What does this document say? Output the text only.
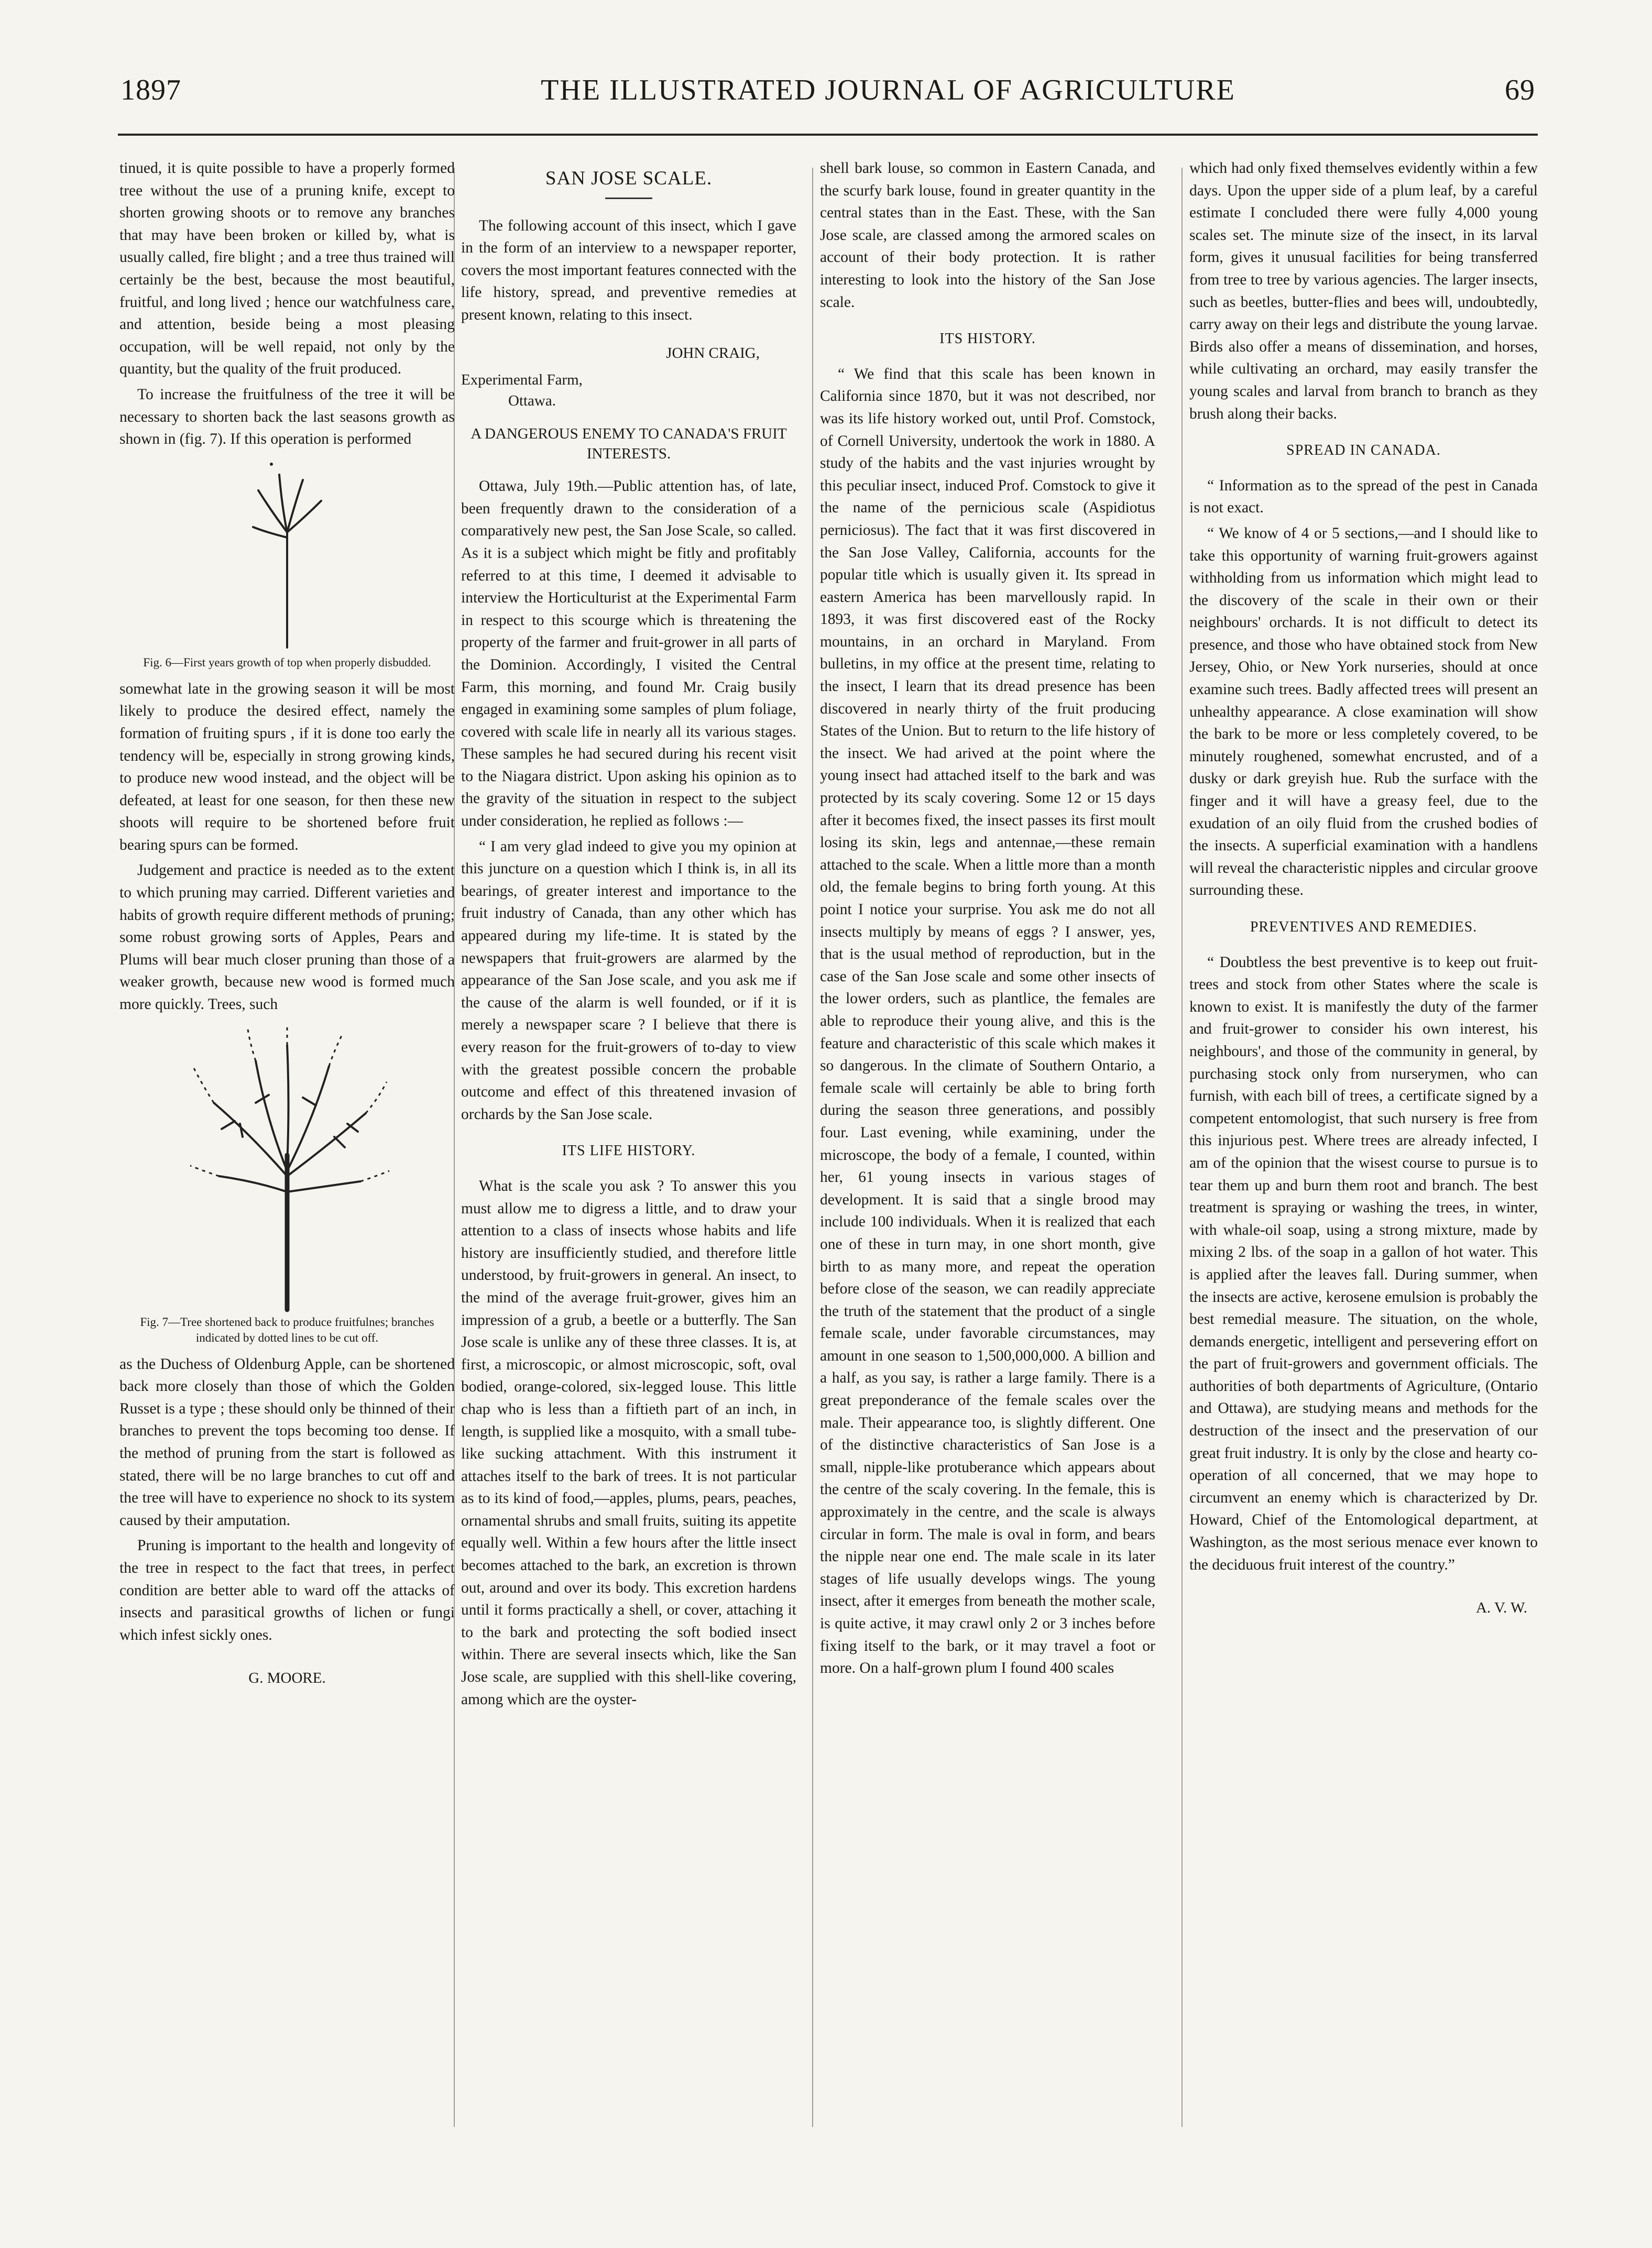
1897	THE ILLUSTRATED JOURNAL OF AGRICULTURE	69

tinued, it is quite possible to have a properly formed tree without the use of a pruning knife, except to shorten growing shoots or to remove any branches that may have been broken or killed by, what is usually called, fire blight ; and a tree thus trained will certainly be the best, because the most beautiful, fruitful, and long lived ; hence our watchfulness care, and attention, beside being a most pleasing occupation, will be well repaid, not only by the quantity, but the quality of the fruit produced.

To increase the fruitfulness of the tree it will be necessary to shorten back the last seasons growth as shown in (fig. 7). If this operation is performed

Fig. 6—First years growth of top when properly disbudded.

somewhat late in the growing season it will be most likely to produce the desired effect, namely the formation of fruiting spurs , if it is done too early the tendency will be, especially in strong growing kinds, to produce new wood instead, and the object will be defeated, at least for one season, for then these new shoots will require to be shortened before fruit bearing spurs can be formed.

Judgement and practice is needed as to the extent to which pruning may carried. Different varieties and habits of growth require different methods of pruning; some robust growing sorts of Apples, Pears and Plums will bear much closer pruning than those of a weaker growth, because new wood is formed much more quickly. Trees, such

Fig. 7—Tree shortened back to produce fruitfulnes; branches indicated by dotted lines to be cut off.

as the Duchess of Oldenburg Apple, can be shortened back more closely than those of which the Golden Russet is a type ; these should only be thinned of their branches to prevent the tops becoming too dense. If the method of pruning from the start is followed as stated, there will be no large branches to cut off and the tree will have to experience no shock to its system caused by their amputation.

Pruning is important to the health and longevity of the tree in respect to the fact that trees, in perfect condition are better able to ward off the attacks of insects and parasitical growths of lichen or fungi which infest sickly ones.

G. MOORE.
SAN JOSE SCALE.

The following account of this insect, which I gave in the form of an interview to a newspaper reporter, covers the most important features connected with the life history, spread, and preventive remedies at present known, relating to this insect.

JOHN CRAIG,
Experimental Farm,
Ottawa.
A DANGEROUS ENEMY TO CANADA'S FRUIT INTERESTS.

Ottawa, July 19th.—Public attention has, of late, been frequently drawn to the consideration of a comparatively new pest, the San Jose Scale, so called. As it is a subject which might be fitly and profitably referred to at this time, I deemed it advisable to interview the Horticulturist at the Experimental Farm in respect to this scourge which is threatening the property of the farmer and fruit-grower in all parts of the Dominion. Accordingly, I visited the Central Farm, this morning, and found Mr. Craig busily engaged in examining some samples of plum foliage, covered with scale life in nearly all its various stages. These samples he had secured during his recent visit to the Niagara district. Upon asking his opinion as to the gravity of the situation in respect to the subject under consideration, he replied as follows :—

“ I am very glad indeed to give you my opinion at this juncture on a question which I think is, in all its bearings, of greater interest and importance to the fruit industry of Canada, than any other which has appeared during my life-time. It is stated by the newspapers that fruit-growers are alarmed by the appearance of the San Jose scale, and you ask me if the cause of the alarm is well founded, or if it is merely a newspaper scare ? I believe that there is every reason for the fruit-growers of to-day to view with the greatest possible concern the probable outcome and effect of this threatened invasion of orchards by the San Jose scale.

ITS LIFE HISTORY.

What is the scale you ask ? To answer this you must allow me to digress a little, and to draw your attention to a class of insects whose habits and life history are insufficiently studied, and therefore little understood, by fruit-growers in general. An insect, to the mind of the average fruit-grower, gives him an impression of a grub, a beetle or a butterfly. The San Jose scale is unlike any of these three classes. It is, at first, a microscopic, or almost microscopic, soft, oval bodied, orange-colored, six-legged louse. This little chap who is less than a fiftieth part of an inch, in length, is supplied like a mosquito, with a small tube-like sucking attachment. With this instrument it attaches itself to the bark of trees. It is not particular as to its kind of food,—apples, plums, pears, peaches, ornamental shrubs and small fruits, suiting its appetite equally well. Within a few hours after the little insect becomes attached to the bark, an excretion is thrown out, around and over its body. This excretion hardens until it forms practically a shell, or cover, attaching it to the bark and protecting the soft bodied insect within. There are several insects which, like the San Jose scale, are supplied with this shell-like covering, among which are the oyster-

shell bark louse, so common in Eastern Canada, and the scurfy bark louse, found in greater quantity in the central states than in the East. These, with the San Jose scale, are classed among the armored scales on account of their body protection. It is rather interesting to look into the history of the San Jose scale.

ITS HISTORY.

“ We find that this scale has been known in California since 1870, but it was not described, nor was its life history worked out, until Prof. Comstock, of Cornell University, undertook the work in 1880. A study of the habits and the vast injuries wrought by this peculiar insect, induced Prof. Comstock to give it the name of the pernicious scale (Aspidiotus perniciosus). The fact that it was first discovered in the San Jose Valley, California, accounts for the popular title which is usually given it. Its spread in eastern America has been marvellously rapid. In 1893, it was first discovered east of the Rocky mountains, in an orchard in Maryland. From bulletins, in my office at the present time, relating to the insect, I learn that its dread presence has been discovered in nearly thirty of the fruit producing States of the Union. But to return to the life history of the insect. We had arived at the point where the young insect had attached itself to the bark and was protected by its scaly covering. Some 12 or 15 days after it becomes fixed, the insect passes its first moult losing its skin, legs and antennae,—these remain attached to the scale. When a little more than a month old, the female begins to bring forth young. At this point I notice your surprise. You ask me do not all insects multiply by means of eggs ? I answer, yes, that is the usual method of reproduction, but in the case of the San Jose scale and some other insects of the lower orders, such as plantlice, the females are able to reproduce their young alive, and this is the feature and characteristic of this scale which makes it so dangerous. In the climate of Southern Ontario, a female scale will certainly be able to bring forth during the season three generations, and possibly four. Last evening, while examining, under the microscope, the body of a female, I counted, within her, 61 young insects in various stages of development. It is said that a single brood may include 100 individuals. When it is realized that each one of these in turn may, in one short month, give birth to as many more, and repeat the operation before close of the season, we can readily appreciate the truth of the statement that the product of a single female scale, under favorable circumstances, may amount in one season to 1,500,000,000. A billion and a half, as you say, is rather a large family. There is a great preponderance of the female scales over the male. Their appearance too, is slightly different. One of the distinctive characteristics of San Jose is a small, nipple-like protuberance which appears about the centre of the scaly covering. In the female, this is approximately in the centre, and the scale is always circular in form. The male is oval in form, and bears the nipple near one end. The male scale in its later stages of life usually develops wings. The young insect, after it emerges from beneath the mother scale, is quite active, it may crawl only 2 or 3 inches before fixing itself to the bark, or it may travel a foot or more. On a half-grown plum I found 400 scales

which had only fixed themselves evidently within a few days. Upon the upper side of a plum leaf, by a careful estimate I concluded there were fully 4,000 young scales set. The minute size of the insect, in its larval form, gives it unusual facilities for being transferred from tree to tree by various agencies. The larger insects, such as beetles, butter-flies and bees will, undoubtedly, carry away on their legs and distribute the young larvae. Birds also offer a means of dissemination, and horses, while cultivating an orchard, may easily transfer the young scales and larval from branch to branch as they brush along their backs.

SPREAD IN CANADA.

“ Information as to the spread of the pest in Canada is not exact.

“ We know of 4 or 5 sections,—and I should like to take this opportunity of warning fruit-growers against withholding from us information which might lead to the discovery of the scale in their own or their neighbours' orchards. It is not difficult to detect its presence, and those who have obtained stock from New Jersey, Ohio, or New York nurseries, should at once examine such trees. Badly affected trees will present an unhealthy appearance. A close examination will show the bark to be more or less completely covered, to be minutely roughened, somewhat encrusted, and of a dusky or dark greyish hue. Rub the surface with the finger and it will have a greasy feel, due to the exudation of an oily fluid from the crushed bodies of the insects. A superficial examination with a handlens will reveal the characteristic nipples and circular groove surrounding these.

PREVENTIVES AND REMEDIES.

“ Doubtless the best preventive is to keep out fruit-trees and stock from other States where the scale is known to exist. It is manifestly the duty of the farmer and fruit-grower to consider his own interest, his neighbours', and those of the community in general, by purchasing stock only from nurserymen, who can furnish, with each bill of trees, a certificate signed by a competent entomologist, that such nursery is free from this injurious pest. Where trees are already infected, I am of the opinion that the wisest course to pursue is to tear them up and burn them root and branch. The best treatment is spraying or washing the trees, in winter, with whale-oil soap, using a strong mixture, made by mixing 2 lbs. of the soap in a gallon of hot water. This is applied after the leaves fall. During summer, when the insects are active, kerosene emulsion is probably the best remedial measure. The situation, on the whole, demands energetic, intelligent and persevering effort on the part of fruit-growers and government officials. The authorities of both departments of Agriculture, (Ontario and Ottawa), are studying means and methods for the destruction of the insect and the preservation of our great fruit industry. It is only by the close and hearty co-operation of all concerned, that we may hope to circumvent an enemy which is characterized by Dr. Howard, Chief of the Entomological department, at Washington, as the most serious menace ever known to the deciduous fruit interest of the country.”

A. V. W.
